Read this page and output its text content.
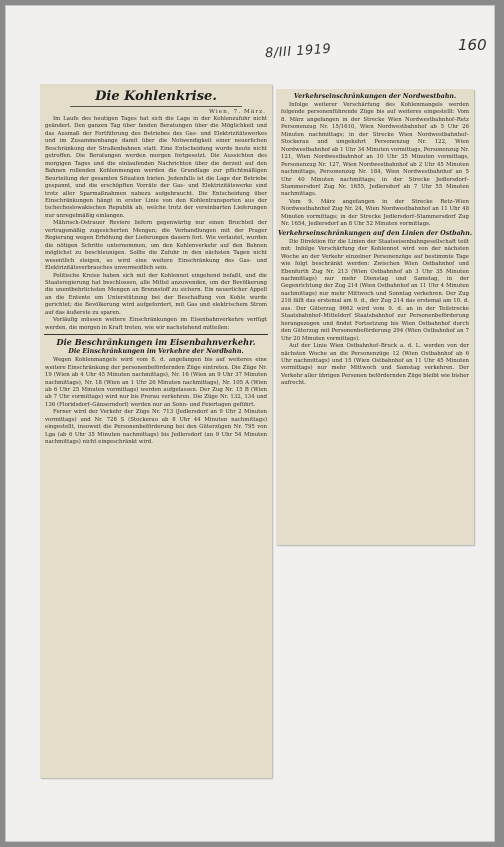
8/III 1919	160
Die Kohlenkrise.
Wien, 7. März.

Im Laufe des heutigen Tages hat sich die Lage in der Kohlenzufuhr nicht geändert. Den ganzen Tag über fanden Beratungen über die Möglichkeit und das Ausmaß der Fortführung des Betriebes des Gas- und Elektrizitätswerkes und im Zusammenhange damit über die Notwendigkeit einer neuerlichen Beschränkung der Straßenbahnen statt. Eine Entscheidung wurde heute nicht getroffen. Die Beratungen werden morgen fortgesetzt. Die Aussichten des morgigen Tages und die einlaufenden Nachrichten über die derzeit auf den Bahnen rollenden Kohlenmengen werden die Grundlage zur pflichtmäßigen Beurteilung der gesamten Situation bieten. Jedenfalls ist die Lage der Betriebe gespannt, und die erschöpften Vorräte der Gas- und Elektrizitätswerke sind trotz aller Sparmaßnahmen nahezu aufgebraucht. Die Entscheidung über Einschränkungen hängt in erster Linie von den Kohlentransporten aus der tschechoslowakischen Republik ab, welche trotz der vereinbarten Lieferungen nur unregelmäßig einlangen.

Mährisch-Ostrauer Reviere liefern gegenwärtig nur einen Bruchteil der vertragsmäßig zugesicherten Mengen; die Verhandlungen mit der Prager Regierung wegen Erhöhung der Lieferungen dauern fort. Wie verlautet, wurden die nötigen Schritte unternommen, um den Kohlenverkehr auf den Bahnen möglichst zu beschleunigen. Sollte die Zufuhr in den nächsten Tagen nicht wesentlich steigen, so wird eine weitere Einschränkung des Gas- und Elektrizitätsverbrauches unvermeidlich sein.

Politische Kreise haben sich mit der Kohlennot eingehend befaßt, und die Staatsregierung hat beschlossen, alle Mittel anzuwenden, um der Bevölkerung die unentbehrlichsten Mengen an Brennstoff zu sichern. Ein neuerlicher Appell an die Entente um Unterstützung bei der Beschaffung von Kohle wurde gerichtet; die Bevölkerung wird aufgefordert, mit Gas und elektrischem Strom auf das äußerste zu sparen.

Vorläufig müssen weitere Einschränkungen im Eisenbahnverkehre verfügt werden, die morgen in Kraft treten, wie wir nachstehend mitteilen:

Die Beschränkungen im Eisenbahnverkehr.
Die Einschränkungen im Verkehre der Nordbahn.

Wegen Kohlenmangels wird vom 8. d. angefangen bis auf weiteres eine weitere Einschränkung der personenbefördernden Züge eintreten. Die Züge Nr. 19 (Wien ab 4 Uhr 45 Minuten nachmittags), Nr. 16 (Wien an 9 Uhr 37 Minuten nachmittags), Nr. 18 (Wien an 1 Uhr 26 Minuten nachmittags), Nr. 105 A (Wien ab 6 Uhr 25 Minuten vormittags) werden aufgelassen. Der Zug Nr. 15 B (Wien ab 7 Uhr vormittags) wird nur bis Prerau verkehren. Die Züge Nr. 132, 134 und 136 (Floridsdorf–Gänserndorf) werden nur an Sonn- und Feiertagen geführt.

Ferner wird der Verkehr der Züge Nr. 713 (Jedlersdorf an 9 Uhr 2 Minuten vormittags) und Nr. 728 S (Stockerau ab 8 Uhr 44 Minuten nachmittags) eingestellt, insoweit die Personenbeförderung bei den Güterzügen Nr. 795 von Lga (ab 6 Uhr 35 Minuten nachmittags) bis Jedlersdorf (an 9 Uhr 54 Minuten nachmittags) nicht eingeschränkt wird.

Verkehrseinschränkungen der Nordwestbahn.

Infolge weiterer Verschärfung des Kohlenmangels werden folgende personenführende Züge bis auf weiteres eingestellt: Vom 8. März angefangen in der Strecke Wien Nordwestbahnhof–Retz Personenzug Nr. 15/1610, Wien Nordwestbahnhof ab 5 Uhr 26 Minuten nachmittags; in der Strecke Wien Nordwestbahnhof–Stockerau und umgekehrt Personenzug Nr. 122, Wien Nordwestbahnhof ab 1 Uhr 34 Minuten vormittags, Personenzug Nr. 121, Wien Nordwestbahnhof an 10 Uhr 35 Minuten vormittags, Personenzug Nr. 127, Wien Nordwestbahnhof ab 2 Uhr 45 Minuten nachmittags, Personenzug Nr. 184, Wien Nordwestbahnhof an 5 Uhr 40 Minuten nachmittags; in der Strecke Jedlersdorf–Stammersdorf Zug Nr. 1655, Jedlersdorf ab 7 Uhr 55 Minuten nachmittags.

Vom 9. März angefangen in der Strecke Retz–Wien Nordwestbahnhof Zug Nr. 24, Wien Nordwestbahnhof an 11 Uhr 48 Minuten vormittags; in der Strecke Jedlersdorf–Stammersdorf Zug Nr. 1654, Jedlersdorf an 8 Uhr 52 Minuten vormittags.

Verkehrseinschränkungen auf den Linien der Ostbahn.

Die Direktion für die Linien der Staatseisenbahngesellschaft teilt mit: Infolge Verschärfung der Kohlennot wird von der nächsten Woche an der Verkehr einzelner Personenzüge auf bestimmte Tage wie folgt beschränkt werden: Zwischen Wien Ostbahnhof und Ebenfurth Zug Nr. 213 (Wien Ostbahnhof ab 3 Uhr 35 Minuten nachmittags) nur mehr Dienstag und Samstag, in der Gegenrichtung der Zug 214 (Wien Ostbahnhof an 11 Uhr 4 Minuten nachmittags) nur mehr Mittwoch und Sonntag verkehren. Der Zug 218 fällt das erstemal am 9. d., der Zug 214 das erstemal am 10. d. aus. Der Güterzug 9662 wird vom 9. d. an in der Teilstrecke Staatsbahnhof–Mitteldorf Staatsbahnhof zur Personenbeförderung herangezogen und findet Fortsetzung bis Wien Ostbahnhof durch den Güterzug mit Personenbeförderung 294 (Wien Ostbahnhof an 7 Uhr 20 Minuten vormittags).

Auf der Linie Wien Ostbahnhof–Bruck a. d. L. werden von der nächsten Woche an die Personenzüge 12 (Wien Ostbahnhof ab 6 Uhr nachmittags) und 15 (Wien Ostbahnhof an 11 Uhr 45 Minuten vormittags) nur mehr Mittwoch und Samstag verkehren. Der Verkehr aller übrigen Personen befördernden Züge bleibt wie bisher aufrecht.
